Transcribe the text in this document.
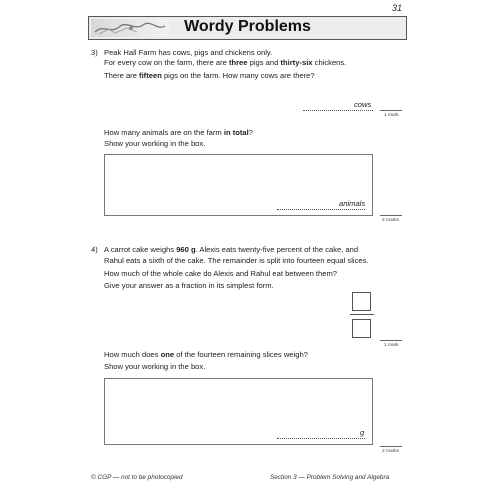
31
Wordy Problems
3) Peak Hall Farm has cows, pigs and chickens only.
For every cow on the farm, there are three pigs and thirty-six chickens.
There are fifteen pigs on the farm. How many cows are there?
cows
1 mark
How many animals are on the farm in total?
Show your working in the box.
animals
2 marks
4) A carrot cake weighs 960 g. Alexis eats twenty-five percent of the cake, and
Rahul eats a sixth of the cake. The remainder is split into fourteen equal slices.
How much of the whole cake do Alexis and Rahul eat between them?
Give your answer as a fraction in its simplest form.
1 mark
How much does one of the fourteen remaining slices weigh?
Show your working in the box.
g
2 marks
© CGP — not to be photocopied	Section 3 — Problem Solving and Algebra
